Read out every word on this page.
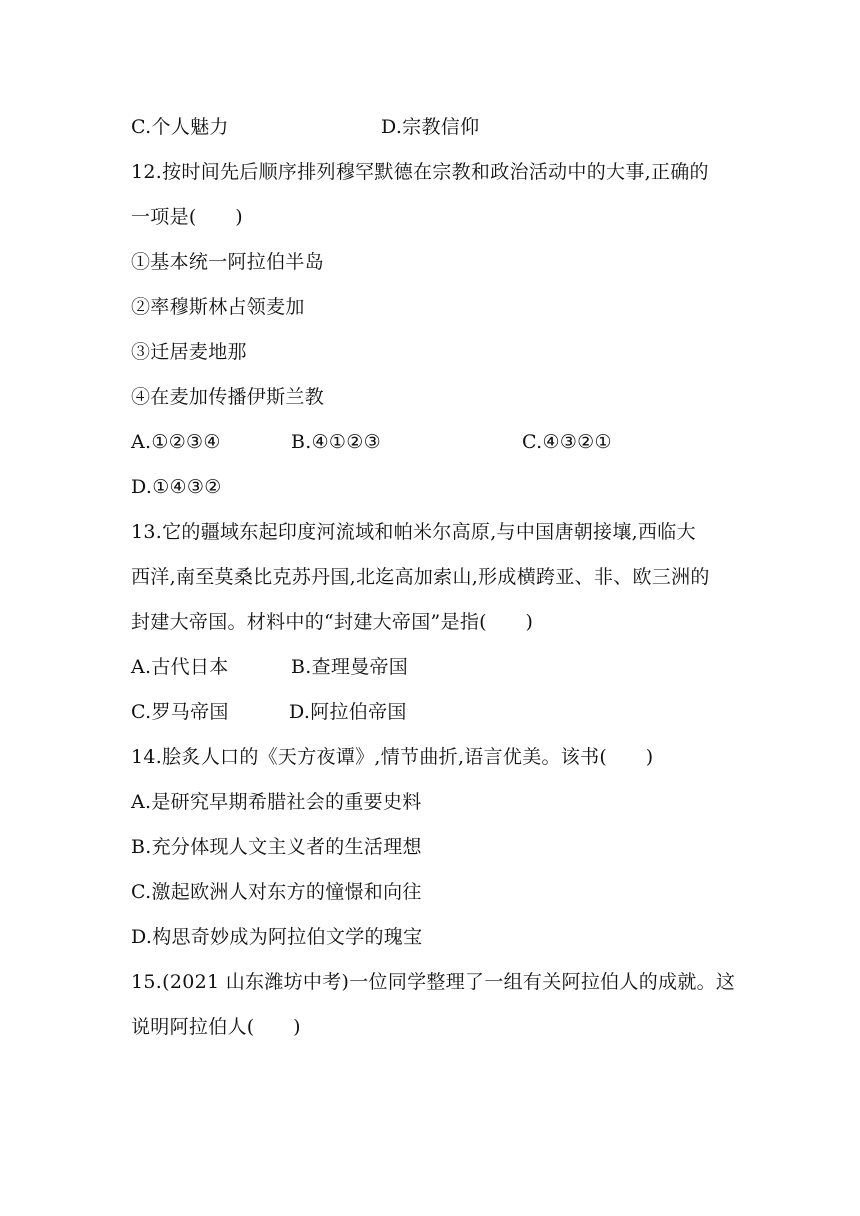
C.个人魅力	D.宗教信仰
12.按时间先后顺序排列穆罕默德在宗教和政治活动中的大事,正确的
一项是(　　)
①基本统一阿拉伯半岛
②率穆斯林占领麦加
③迁居麦地那
④在麦加传播伊斯兰教
A.①②③④	B.④①②③	C.④③②①
D.①④③②
13.它的疆域东起印度河流域和帕米尔高原,与中国唐朝接壤,西临大
西洋,南至莫桑比克苏丹国,北迄高加索山,形成横跨亚、非、欧三洲的
封建大帝国。材料中的“封建大帝国”是指(　　)
A.古代日本	B.查理曼帝国
C.罗马帝国	D.阿拉伯帝国
14.脍炙人口的《天方夜谭》,情节曲折,语言优美。该书(　　)
A.是研究早期希腊社会的重要史料
B.充分体现人文主义者的生活理想
C.激起欧洲人对东方的憧憬和向往
D.构思奇妙成为阿拉伯文学的瑰宝
15.(2021 山东潍坊中考)一位同学整理了一组有关阿拉伯人的成就。这
说明阿拉伯人(　　)
